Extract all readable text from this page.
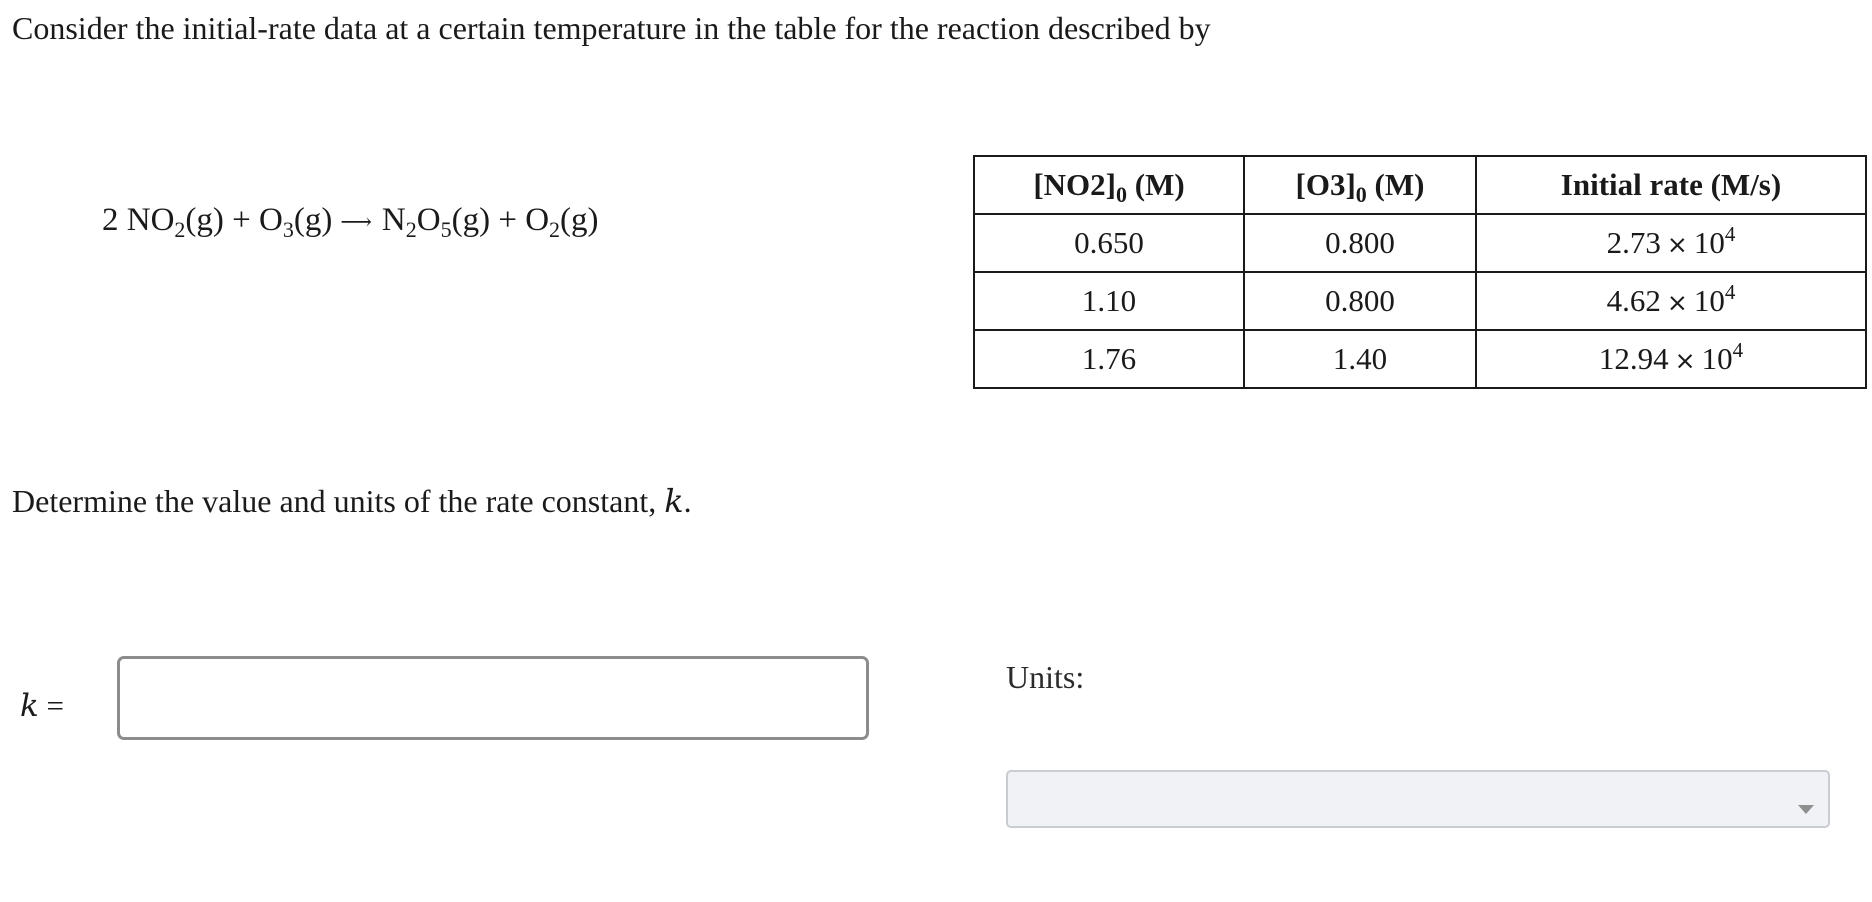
Consider the initial-rate data at a certain temperature in the table for the reaction described by
2 $NO_2(g) + O_3(g)$ ⟶ $N_2O_5(g) + O_2(g)$
$[NO2]_0$ (M)	$[O3]_0$ (M)	Initial rate (M/s)
0.650	0.800	$2.73 \times 10^4$
1.10	0.800	$4.62 \times 10^4$
1.76	1.40	$12.94 \times 10^4$
Determine the value and units of the rate constant, k.
k =
Units:
